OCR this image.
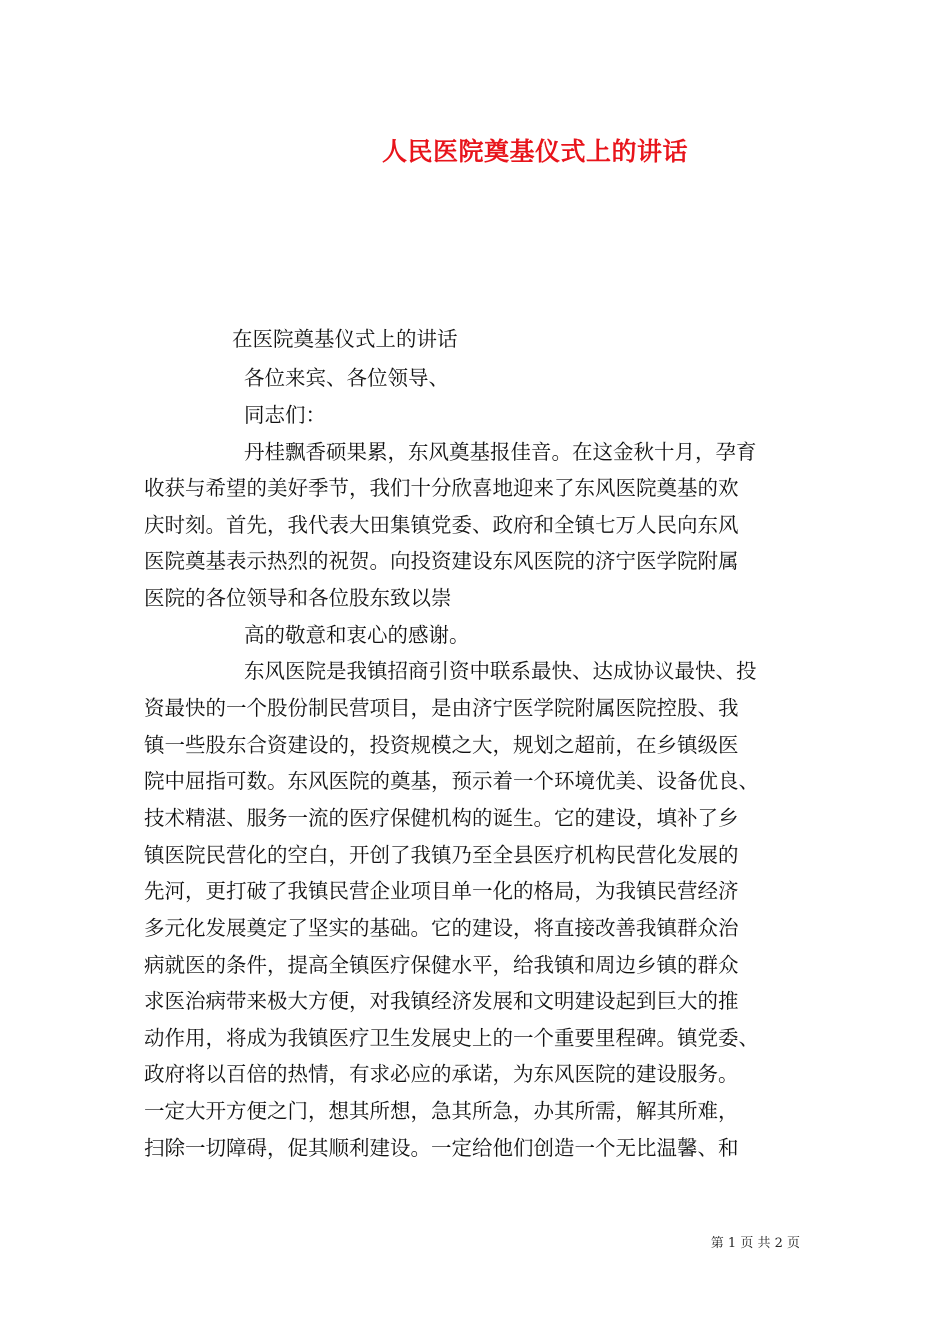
人民医院奠基仪式上的讲话
在医院奠基仪式上的讲话
各位来宾、各位领导、
同志们：
丹桂飘香硕果累，东风奠基报佳音。在这金秋十月，孕育
收获与希望的美好季节，我们十分欣喜地迎来了东风医院奠基的欢
庆时刻。首先，我代表大田集镇党委、政府和全镇七万人民向东风
医院奠基表示热烈的祝贺。向投资建设东风医院的济宁医学院附属
医院的各位领导和各位股东致以崇
高的敬意和衷心的感谢。
东风医院是我镇招商引资中联系最快、达成协议最快、投
资最快的一个股份制民营项目，是由济宁医学院附属医院控股、我
镇一些股东合资建设的，投资规模之大，规划之超前，在乡镇级医
院中屈指可数。东风医院的奠基，预示着一个环境优美、设备优良、
技术精湛、服务一流的医疗保健机构的诞生。它的建设，填补了乡
镇医院民营化的空白，开创了我镇乃至全县医疗机构民营化发展的
先河，更打破了我镇民营企业项目单一化的格局，为我镇民营经济
多元化发展奠定了坚实的基础。它的建设，将直接改善我镇群众治
病就医的条件，提高全镇医疗保健水平，给我镇和周边乡镇的群众
求医治病带来极大方便，对我镇经济发展和文明建设起到巨大的推
动作用，将成为我镇医疗卫生发展史上的一个重要里程碑。镇党委、
政府将以百倍的热情，有求必应的承诺，为东风医院的建设服务。
一定大开方便之门，想其所想，急其所急，办其所需，解其所难，
扫除一切障碍，促其顺利建设。一定给他们创造一个无比温馨、和
第 1 页 共 2 页
